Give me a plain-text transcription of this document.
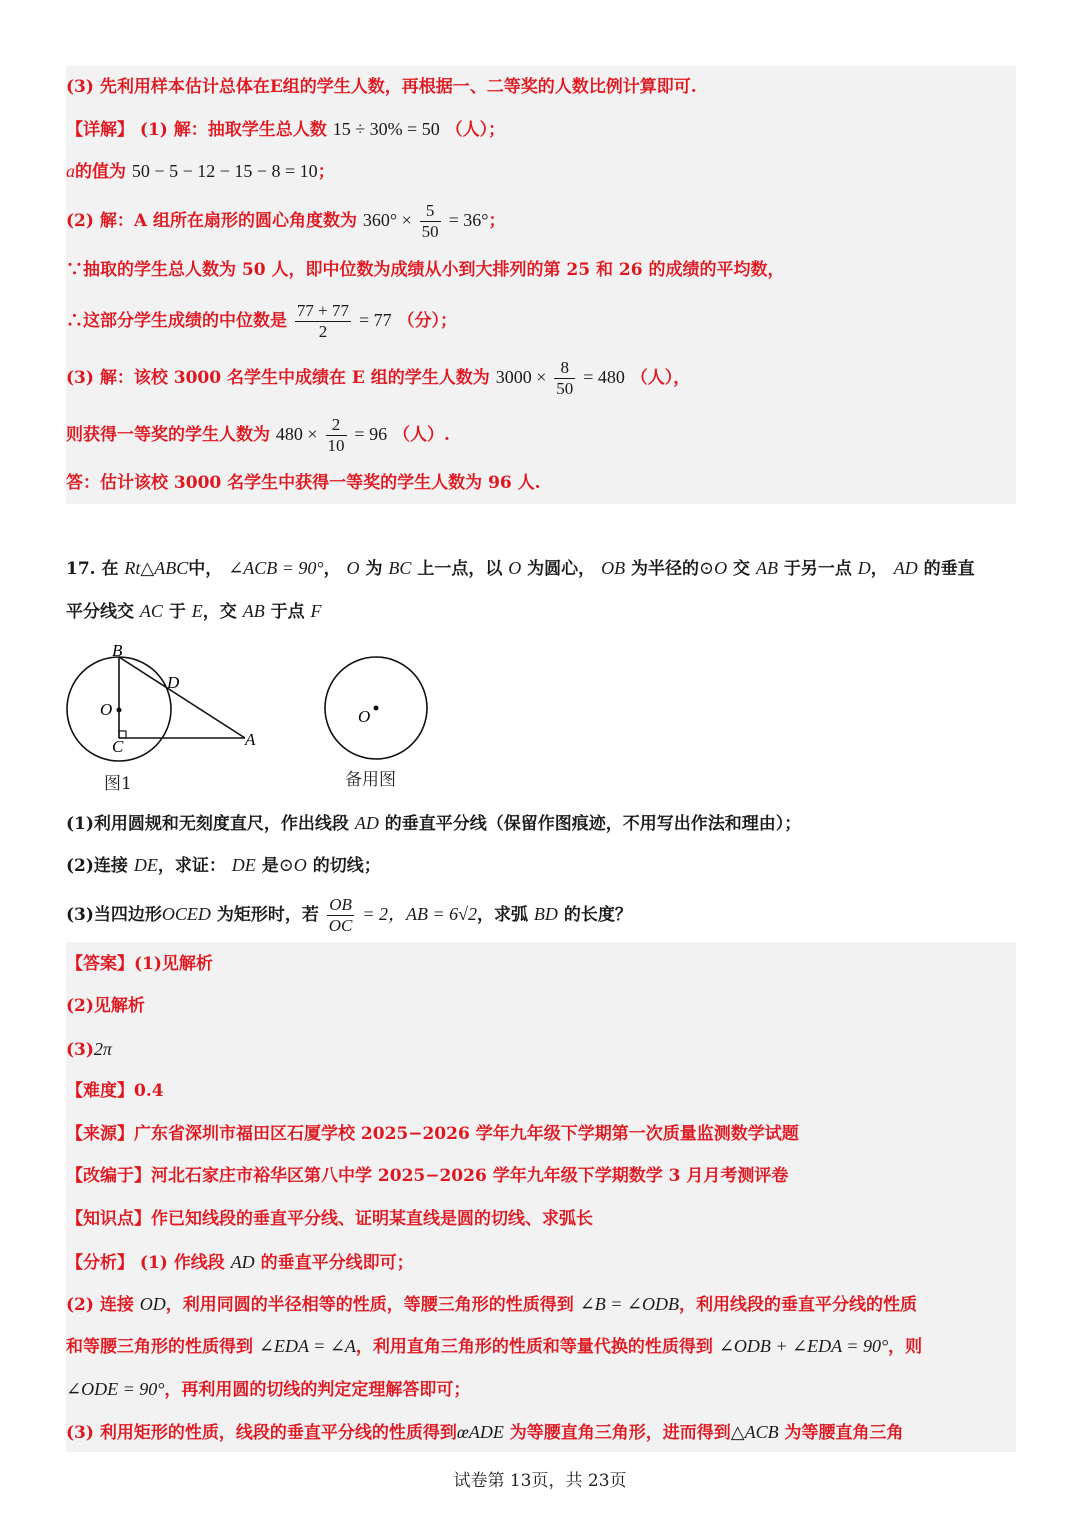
(3) 先利用样本估计总体在E组的学生人数，再根据一、二等奖的人数比例计算即可.
【详解】 (1) 解：抽取学生总人数 15 ÷ 30% = 50 （人）；
a的值为 50 − 5 − 12 − 15 − 8 = 10；
(2) 解：A 组所在扇形的圆心角度数为 $360^\circ \times \frac{5}{50} = 36^\circ$；
∵抽取的学生总人数为 50 人，即中位数为成绩从小到大排列的第 25 和 26 的成绩的平均数，
∴这部分学生成绩的中位数是 $\frac{77 + 77}{2} = 77$ （分）；
(3) 解：该校 3000 名学生中成绩在 E 组的学生人数为 $3000 \times \frac{8}{50} = 480$ （人），
则获得一等奖的学生人数为 $480 \times \frac{2}{10} = 96$ （人）.
答：估计该校 3000 名学生中获得一等奖的学生人数为 96 人.
17. 在 Rt△ABC中， ∠ACB = 90°， O 为 BC 上一点，以 O 为圆心， OB 为半径的⊙O 交 AB 于另一点 D， AD 的垂直
平分线交 AC 于 E，交 AB 于点 F
B
D
O
C	A
图1
O
备用图
(1)利用圆规和无刻度直尺，作出线段 AD 的垂直平分线（保留作图痕迹，不用写出作法和理由）；
(2)连接 DE，求证： DE 是⊙O 的切线；
(3)当四边形OCED 为矩形时，若 $\frac{OB}{OC} = 2$，AB = 6√2，求弧 BD 的长度？
【答案】(1)见解析
(2)见解析
(3)2π
【难度】0.4
【来源】广东省深圳市福田区石厦学校 2025−2026 学年九年级下学期第一次质量监测数学试题
【改编于】河北石家庄市裕华区第八中学 2025−2026 学年九年级下学期数学 3 月月考测评卷
【知识点】作已知线段的垂直平分线、证明某直线是圆的切线、求弧长
【分析】 (1) 作线段 AD 的垂直平分线即可；
(2) 连接 OD，利用同圆的半径相等的性质，等腰三角形的性质得到 ∠B = ∠ODB，利用线段的垂直平分线的性质
和等腰三角形的性质得到 ∠EDA = ∠A，利用直角三角形的性质和等量代换的性质得到 ∠ODB + ∠EDA = 90°，则
∠ODE = 90°，再利用圆的切线的判定定理解答即可；
(3) 利用矩形的性质，线段的垂直平分线的性质得到œADE 为等腰直角三角形，进而得到△ACB 为等腰直角三角
试卷第 13页，共 23页
